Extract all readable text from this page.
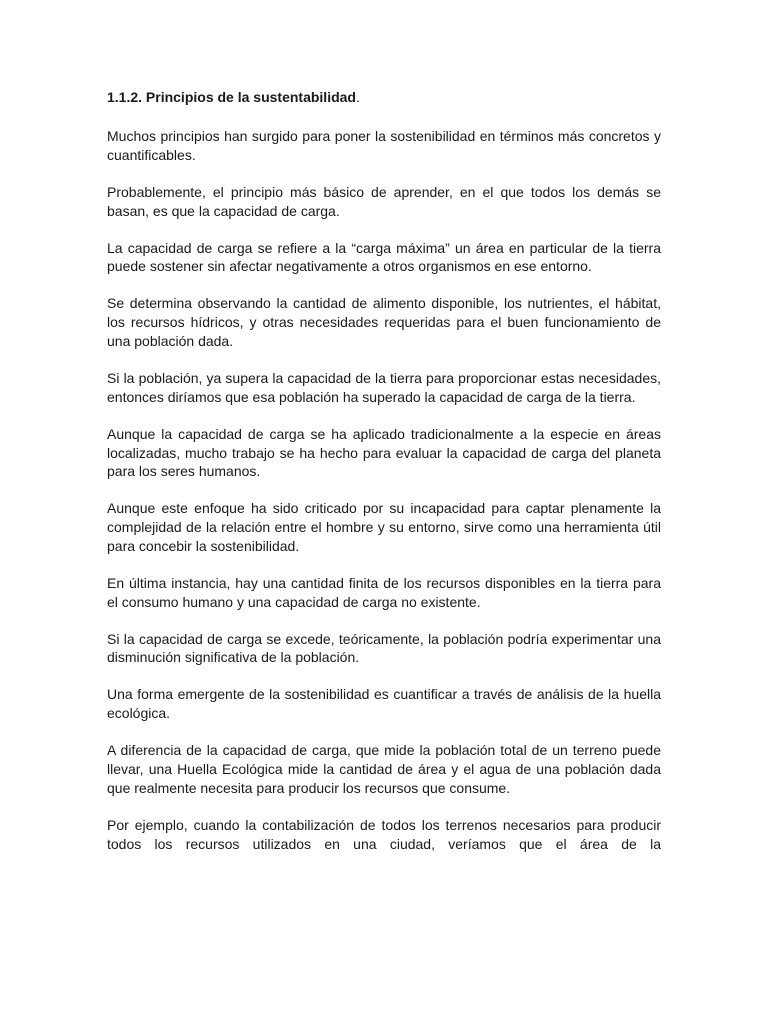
1.1.2. Principios de la sustentabilidad.

Muchos principios han surgido para poner la sostenibilidad en términos más concretos y cuantificables.

Probablemente, el principio más básico de aprender, en el que todos los demás se basan, es que la capacidad de carga.

La capacidad de carga se refiere a la “carga máxima” un área en particular de la tierra puede sostener sin afectar negativamente a otros organismos en ese entorno.

Se determina observando la cantidad de alimento disponible, los nutrientes, el hábitat, los recursos hídricos, y otras necesidades requeridas para el buen funcionamiento de una población dada.

Si la población, ya supera la capacidad de la tierra para proporcionar estas necesidades, entonces diríamos que esa población ha superado la capacidad de carga de la tierra.

Aunque la capacidad de carga se ha aplicado tradicionalmente a la especie en áreas localizadas, mucho trabajo se ha hecho para evaluar la capacidad de carga del planeta para los seres humanos.

Aunque este enfoque ha sido criticado por su incapacidad para captar plenamente la complejidad de la relación entre el hombre y su entorno, sirve como una herramienta útil para concebir la sostenibilidad.

En última instancia, hay una cantidad finita de los recursos disponibles en la tierra para el consumo humano y una capacidad de carga no existente.

Si la capacidad de carga se excede, teóricamente, la población podría experimentar una disminución significativa de la población.

Una forma emergente de la sostenibilidad es cuantificar a través de análisis de la huella ecológica.

A diferencia de la capacidad de carga, que mide la población total de un terreno puede llevar, una Huella Ecológica mide la cantidad de área y el agua de una población dada que realmente necesita para producir los recursos que consume.

Por ejemplo, cuando la contabilización de todos los terrenos necesarios para producir todos los recursos utilizados en una ciudad, veríamos que el área de la
